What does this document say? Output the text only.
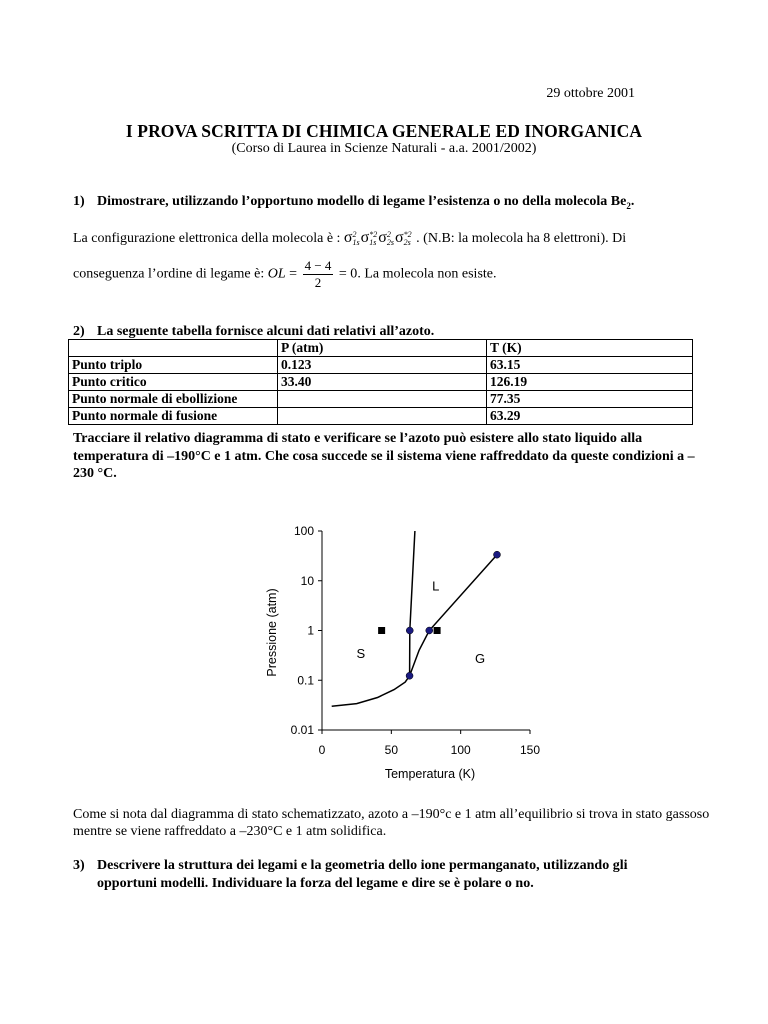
29 ottobre 2001
I PROVA SCRITTA DI CHIMICA GENERALE ED INORGANICA
(Corso di Laurea in Scienze Naturali - a.a. 2001/2002)
1) Dimostrare, utilizzando l’opportuno modello di legame l’esistenza o no della molecola $Be_2$.
La configurazione elettronica della molecola è : σ 2
1s σ *2
1s σ 2
2s σ *2
2s . (N.B: la molecola ha 8 elettroni). Di
conseguenza l’ordine di legame è: OL = $\frac{4 - 4}{2} = 0$. La molecola non esiste.
2) La seguente tabella fornisce alcuni dati relativi all’azoto.
	P (atm)	T (K)
Punto triplo	0.123	63.15
Punto critico	33.40	126.19
Punto normale di ebollizione		77.35
Punto normale di fusione		63.29
Tracciare il relativo diagramma di stato e verificare se l’azoto può esistere allo stato liquido alla temperatura di –190°C e 1 atm. Che cosa succede se il sistema viene raffreddato da queste condizioni a –230 °C.
0.01
0.1
1
10
100
0	50	100	150
Temperatura (K)
Pressione (atm)	S
L
G
Come si nota dal diagramma di stato schematizzato, azoto a –190°c e 1 atm all’equilibrio si trova in stato gassoso mentre se viene raffreddato a –230°C e 1 atm solidifica.
3) Descrivere la struttura dei legami e la geometria dello ione permanganato, utilizzando gli
opportuni modelli. Individuare la forza del legame e dire se è polare o no.
